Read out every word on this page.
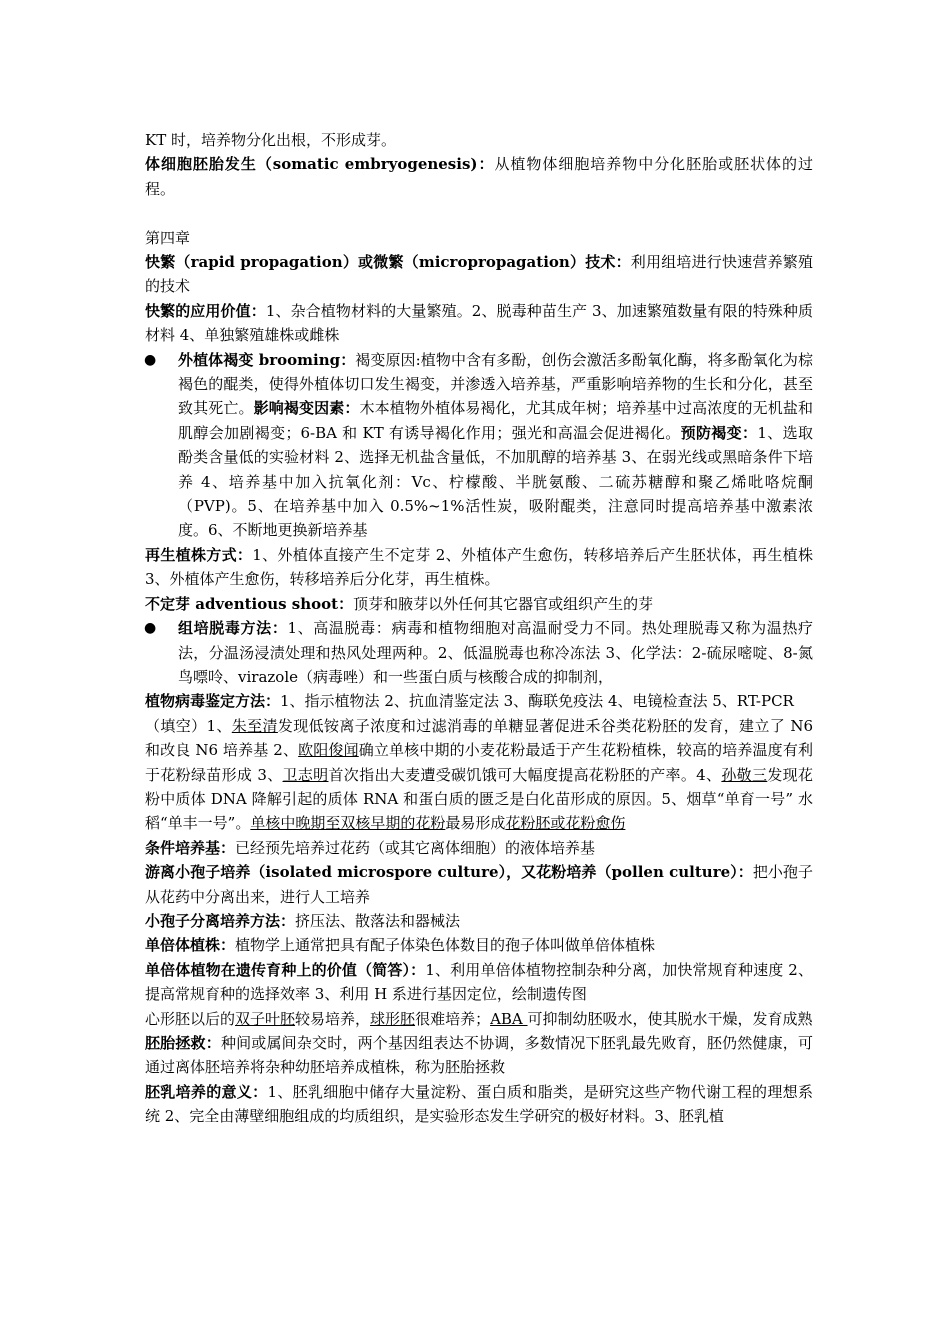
KT 时，培养物分化出根，不形成芽。
体细胞胚胎发生（somatic embryogenesis)：从植物体细胞培养物中分化胚胎或胚状体的过程。
第四章
快繁（rapid propagation）或微繁（micropropagation）技术：利用组培进行快速营养繁殖的技术
快繁的应用价值：1、杂合植物材料的大量繁殖。2、脱毒种苗生产 3、加速繁殖数量有限的特殊种质材料 4、单独繁殖雄株或雌株
● 外植体褐变 brooming：褐变原因:植物中含有多酚，创伤会激活多酚氧化酶，将多酚氧化为棕褐色的醌类，使得外植体切口发生褐变，并渗透入培养基，严重影响培养物的生长和分化，甚至致其死亡。影响褐变因素：木本植物外植体易褐化，尤其成年树；培养基中过高浓度的无机盐和肌醇会加剧褐变；6-BA 和 KT 有诱导褐化作用；强光和高温会促进褐化。预防褐变：1、选取酚类含量低的实验材料 2、选择无机盐含量低，不加肌醇的培养基 3、在弱光线或黑暗条件下培养 4、培养基中加入抗氧化剂：Vc、柠檬酸、半胱氨酸、二硫苏糖醇和聚乙烯吡咯烷酮（PVP)。5、在培养基中加入 0.5%~1%活性炭，吸附醌类，注意同时提高培养基中激素浓度。6、不断地更换新培养基
再生植株方式：1、外植体直接产生不定芽 2、外植体产生愈伤，转移培养后产生胚状体，再生植株 3、外植体产生愈伤，转移培养后分化芽，再生植株。
不定芽 adventious shoot：顶芽和腋芽以外任何其它器官或组织产生的芽
● 组培脱毒方法：1、高温脱毒：病毒和植物细胞对高温耐受力不同。热处理脱毒又称为温热疗法，分温汤浸渍处理和热风处理两种。2、低温脱毒也称冷冻法 3、化学法：2-硫尿嘧啶、8-氮鸟嘌呤、virazole（病毒唑）和一些蛋白质与核酸合成的抑制剂，
植物病毒鉴定方法：1、指示植物法 2、抗血清鉴定法 3、酶联免疫法 4、电镜检查法 5、RT-PCR
（填空）1、朱至清发现低铵离子浓度和过滤消毒的单糖显著促进禾谷类花粉胚的发育，建立了 N6 和改良 N6 培养基 2、欧阳俊闻确立单核中期的小麦花粉最适于产生花粉植株，较高的培养温度有利于花粉绿苗形成 3、卫志明首次指出大麦遭受碳饥饿可大幅度提高花粉胚的产率。4、孙敬三发现花粉中质体 DNA 降解引起的质体 RNA 和蛋白质的匮乏是白化苗形成的原因。5、烟草“单育一号” 水稻“单丰一号”。单核中晚期至双核早期的花粉最易形成花粉胚或花粉愈伤
条件培养基：已经预先培养过花药（或其它离体细胞）的液体培养基
游离小孢子培养（isolated microspore culture），又花粉培养（pollen culture）：把小孢子从花药中分离出来，进行人工培养
小孢子分离培养方法：挤压法、散落法和器械法
单倍体植株：植物学上通常把具有配子体染色体数目的孢子体叫做单倍体植株
单倍体植物在遗传育种上的价值（简答）：1、利用单倍体植物控制杂种分离，加快常规育种速度 2、提高常规育种的选择效率 3、利用 H 系进行基因定位，绘制遗传图
心形胚以后的双子叶胚较易培养，球形胚很难培养；ABA 可抑制幼胚吸水，使其脱水干燥，发育成熟
胚胎拯救：种间或属间杂交时，两个基因组表达不协调，多数情况下胚乳最先败育，胚仍然健康，可通过离体胚培养将杂种幼胚培养成植株，称为胚胎拯救
胚乳培养的意义：1、胚乳细胞中储存大量淀粉、蛋白质和脂类，是研究这些产物代谢工程的理想系统 2、完全由薄壁细胞组成的均质组织，是实验形态发生学研究的极好材料。3、胚乳植
